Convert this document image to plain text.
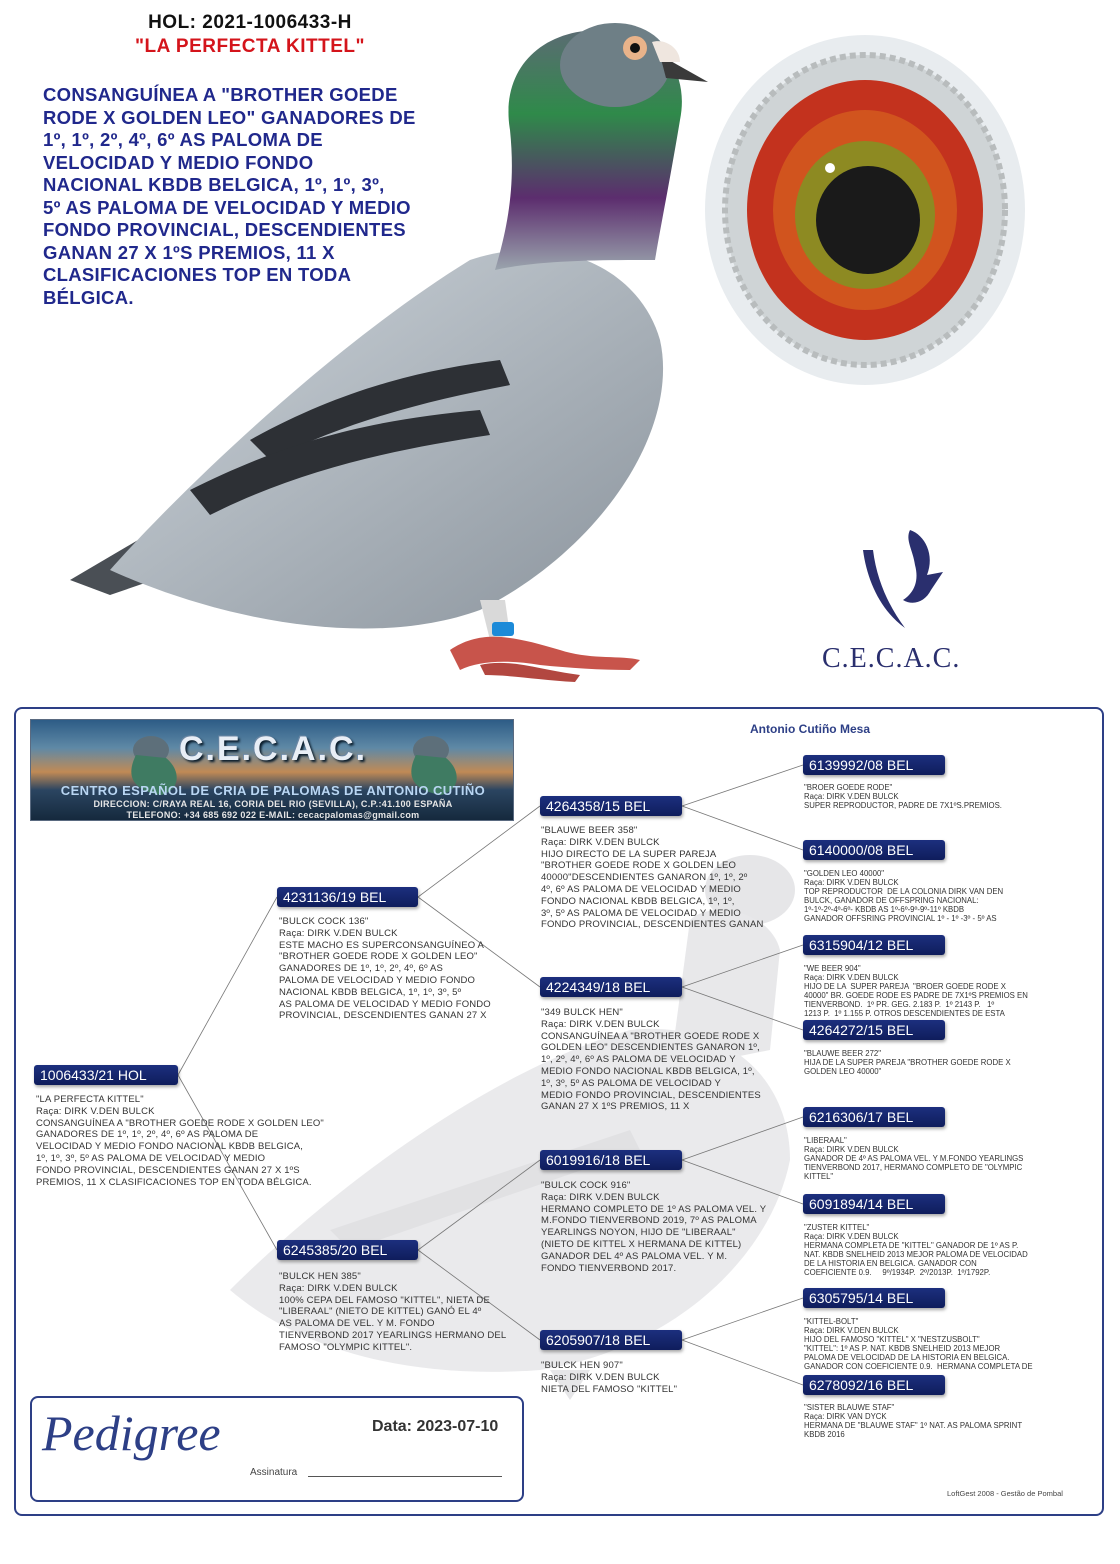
HOL: 2021-1006433-H
"LA PERFECTA KITTEL"
CONSANGUÍNEA A "BROTHER GOEDE
RODE X GOLDEN LEO" GANADORES DE
1º, 1º, 2º, 4º, 6º AS PALOMA DE
VELOCIDAD Y MEDIO FONDO
NACIONAL KBDB BELGICA, 1º, 1º, 3º,
5º AS PALOMA DE VELOCIDAD Y MEDIO
FONDO PROVINCIAL, DESCENDIENTES
GANAN 27 X 1ºS PREMIOS, 11 X
CLASIFICACIONES TOP EN TODA
BÉLGICA.
C.E.C.A.C.
C.E.C.A.C.
CENTRO ESPAÑOL DE CRIA DE PALOMAS DE ANTONIO CUTIÑO
DIRECCION: C/RAYA REAL 16, CORIA DEL RIO (SEVILLA), C.P.:41.100 ESPAÑA
TELEFONO: +34 685 692 022 E-MAIL: cecacpalomas@gmail.com
Antonio Cutiño Mesa
1006433/21 HOL
"LA PERFECTA KITTEL"
Raça: DIRK V.DEN BULCK
CONSANGUÍNEA A "BROTHER GOEDE RODE X GOLDEN LEO"
GANADORES DE 1º, 1º, 2º, 4º, 6º AS PALOMA DE
VELOCIDAD Y MEDIO FONDO NACIONAL KBDB BELGICA,
1º, 1º, 3º, 5º AS PALOMA DE VELOCIDAD Y MEDIO
FONDO PROVINCIAL, DESCENDIENTES GANAN 27 X 1ºS
PREMIOS, 11 X CLASIFICACIONES TOP EN TODA BÉLGICA.
4231136/19 BEL
"BULCK COCK 136"
Raça: DIRK V.DEN BULCK
ESTE MACHO ES SUPERCONSANGUÍNEO A
"BROTHER GOEDE RODE X GOLDEN LEO"
GANADORES DE 1º, 1º, 2º, 4º, 6º AS
PALOMA DE VELOCIDAD Y MEDIO FONDO
NACIONAL KBDB BELGICA, 1º, 1º, 3º, 5º
AS PALOMA DE VELOCIDAD Y MEDIO FONDO
PROVINCIAL, DESCENDIENTES GANAN 27 X
6245385/20 BEL
"BULCK HEN 385"
Raça: DIRK V.DEN BULCK
100% CEPA DEL FAMOSO "KITTEL", NIETA DE
"LIBERAAL" (NIETO DE KITTEL) GANÓ EL 4º
AS PALOMA DE VEL. Y M. FONDO
TIENVERBOND 2017 YEARLINGS HERMANO DEL
FAMOSO "OLYMPIC KITTEL".
4264358/15 BEL
"BLAUWE BEER 358"
Raça: DIRK V.DEN BULCK
HIJO DIRECTO DE LA SUPER PAREJA
"BROTHER GOEDE RODE X GOLDEN LEO
40000"DESCENDIENTES GANARON 1º, 1º, 2º
4º, 6º AS PALOMA DE VELOCIDAD Y MEDIO
FONDO NACIONAL KBDB BELGICA, 1º, 1º,
3º, 5º AS PALOMA DE VELOCIDAD Y MEDIO
FONDO PROVINCIAL, DESCENDIENTES GANAN
4224349/18 BEL
"349 BULCK HEN"
Raça: DIRK V.DEN BULCK
CONSANGUÍNEA A "BROTHER GOEDE RODE X
GOLDEN LEO" DESCENDIENTES GANARON 1º,
1º, 2º, 4º, 6º AS PALOMA DE VELOCIDAD Y
MEDIO FONDO NACIONAL KBDB BELGICA, 1º,
1º, 3º, 5º AS PALOMA DE VELOCIDAD Y
MEDIO FONDO PROVINCIAL, DESCENDIENTES
GANAN 27 X 1ºS PREMIOS, 11 X
6019916/18 BEL
"BULCK COCK 916"
Raça: DIRK V.DEN BULCK
HERMANO COMPLETO DE 1º AS PALOMA VEL. Y
M.FONDO TIENVERBOND 2019, 7º AS PALOMA
YEARLINGS NOYON, HIJO DE "LIBERAAL"
(NIETO DE KITTEL X HERMANA DE KITTEL)
GANADOR DEL 4º AS PALOMA VEL. Y M.
FONDO TIENVERBOND 2017.
6205907/18 BEL
"BULCK HEN 907"
Raça: DIRK V.DEN BULCK
NIETA DEL FAMOSO "KITTEL"
6139992/08 BEL
"BROER GOEDE RODE"
Raça: DIRK V.DEN BULCK
SUPER REPRODUCTOR, PADRE DE 7X1ºS.PREMIOS.
6140000/08 BEL
"GOLDEN LEO 40000"
Raça: DIRK V.DEN BULCK
TOP REPRODUCTOR  DE LA COLONIA DIRK VAN DEN
BULCK, GANADOR DE OFFSPRING NACIONAL:
1º-1º-2º-4º-6º- KBDB AS 1º-6º-9º-9º-11º KBDB
GANADOR OFFSRING PROVINCIAL 1º - 1º -3º - 5º AS
6315904/12 BEL
"WE BEER 904"
Raça: DIRK V.DEN BULCK
HIJO DE LA  SUPER PAREJA  "BROER GOEDE RODE X
40000" BR. GOEDE RODE ES PADRE DE 7X1ºS PREMIOS EN
TIENVERBOND.  1º PR. GEG. 2.183 P.  1º 2143 P.   1º
1213 P.  1º 1.155 P. OTROS DESCENDIENTES DE ESTA
4264272/15 BEL
"BLAUWE BEER 272"
HIJA DE LA SUPER PAREJA "BROTHER GOEDE RODE X
GOLDEN LEO 40000"
6216306/17 BEL
"LIBERAAL"
Raça: DIRK V.DEN BULCK
GANADOR DE 4º AS PALOMA VEL. Y M.FONDO YEARLINGS
TIENVERBOND 2017, HERMANO COMPLETO DE "OLYMPIC
KITTEL"
6091894/14 BEL
"ZUSTER KITTEL"
Raça: DIRK V.DEN BULCK
HERMANA COMPLETA DE "KITTEL" GANADOR DE 1º AS P.
NAT. KBDB SNELHEID 2013 MEJOR PALOMA DE VELOCIDAD
DE LA HISTORIA EN BELGICA. GANADOR CON
COEFICIENTE 0.9.     9º/1934P.  2º/2013P.  1º/1792P.
6305795/14 BEL
"KITTEL-BOLT"
Raça: DIRK V.DEN BULCK
HIJO DEL FAMOSO "KITTEL" X "NESTZUSBOLT"
"KITTEL": 1º AS P. NAT. KBDB SNELHEID 2013 MEJOR
PALOMA DE VELOCIDAD DE LA HISTORIA EN BELGICA.
GANADOR CON COEFICIENTE 0.9.  HERMANA COMPLETA DE
6278092/16 BEL
"SISTER BLAUWE STAF"
Raça: DIRK VAN DYCK
HERMANA DE "BLAUWE STAF" 1º NAT. AS PALOMA SPRINT
KBDB 2016
Pedigree	Data: 2023-07-10
Assinatura
LoftGest 2008 - Gestão de Pombal
